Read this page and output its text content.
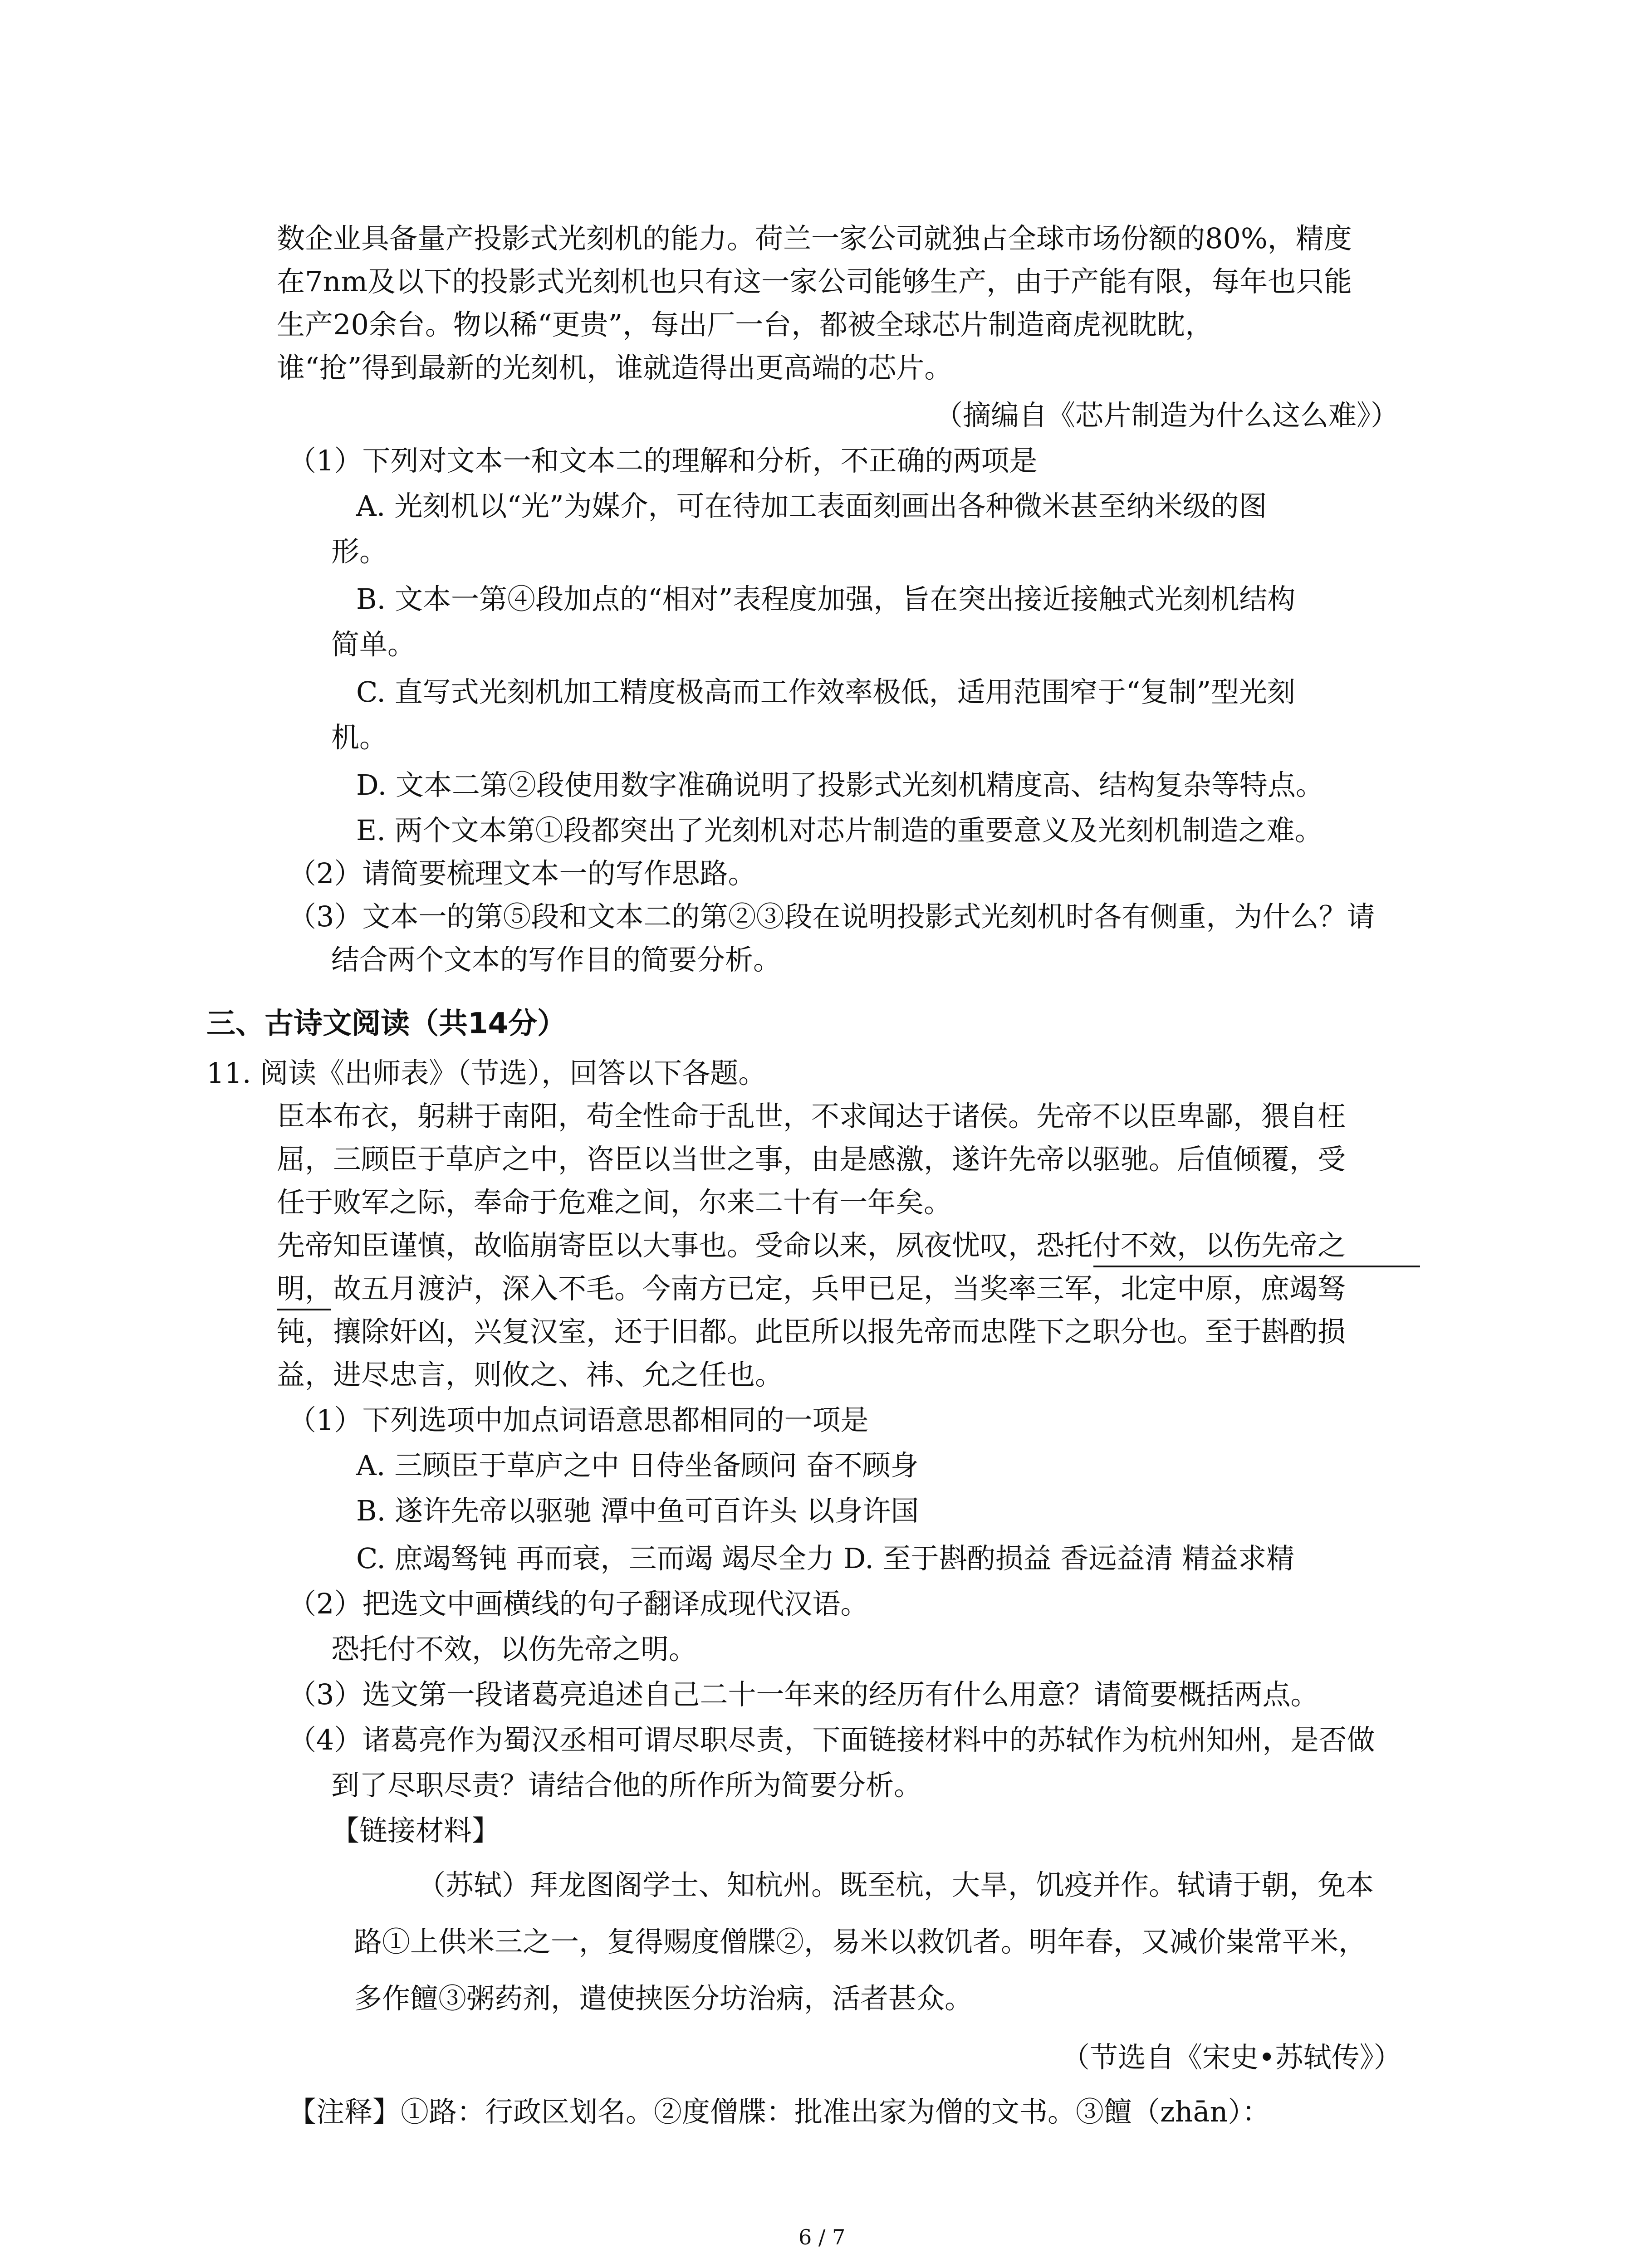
数企业具备量产投影式光刻机的能力。荷兰一家公司就独占全球市场份额的80%，精度
在7nm及以下的投影式光刻机也只有这一家公司能够生产，由于产能有限，每年也只能
生产20余台。物以稀“更贵”，每出厂一台，都被全球芯片制造商虎视眈眈，
谁“抢”得到最新的光刻机，谁就造得出更高端的芯片。
（摘编自《芯片制造为什么这么难》）
（1）下列对文本一和文本二的理解和分析，不正确的两项是
A. 光刻机以“光”为媒介，可在待加工表面刻画出各种微米甚至纳米级的图
形。
B. 文本一第④段加点的“相对”表程度加强，旨在突出接近接触式光刻机结构
简单。
C. 直写式光刻机加工精度极高而工作效率极低，适用范围窄于“复制”型光刻
机。
D. 文本二第②段使用数字准确说明了投影式光刻机精度高、结构复杂等特点。
E. 两个文本第①段都突出了光刻机对芯片制造的重要意义及光刻机制造之难。
（2）请简要梳理文本一的写作思路。
（3）文本一的第⑤段和文本二的第②③段在说明投影式光刻机时各有侧重，为什么？请
结合两个文本的写作目的简要分析。
三、古诗文阅读（共14分）
11. 阅读《出师表》（节选），回答以下各题。
臣本布衣，躬耕于南阳，苟全性命于乱世，不求闻达于诸侯。先帝不以臣卑鄙，猥自枉
屈，三顾臣于草庐之中，咨臣以当世之事，由是感激，遂许先帝以驱驰。后值倾覆，受
任于败军之际，奉命于危难之间，尔来二十有一年矣。
先帝知臣谨慎，故临崩寄臣以大事也。受命以来，夙夜忧叹，恐托付不效，以伤先帝之
明，故五月渡泸，深入不毛。今南方已定，兵甲已足，当奖率三军，北定中原，庶竭驽
钝，攘除奸凶，兴复汉室，还于旧都。此臣所以报先帝而忠陛下之职分也。至于斟酌损
益，进尽忠言，则攸之、祎、允之任也。
（1）下列选项中加点词语意思都相同的一项是
A. 三顾臣于草庐之中 日侍坐备顾问 奋不顾身
B. 遂许先帝以驱驰 潭中鱼可百许头 以身许国
C. 庶竭驽钝 再而衰，三而竭 竭尽全力 D. 至于斟酌损益 香远益清 精益求精
（2）把选文中画横线的句子翻译成现代汉语。
恐托付不效，以伤先帝之明。
（3）选文第一段诸葛亮追述自己二十一年来的经历有什么用意？请简要概括两点。
（4）诸葛亮作为蜀汉丞相可谓尽职尽责，下面链接材料中的苏轼作为杭州知州，是否做
到了尽职尽责？请结合他的所作所为简要分析。
【链接材料】
（苏轼）拜龙图阁学士、知杭州。既至杭，大旱，饥疫并作。轼请于朝，免本
路①上供米三之一，复得赐度僧牒②，易米以救饥者。明年春，又减价粜常平米，
多作饘③粥药剂，遣使挟医分坊治病，活者甚众。
（节选自《宋史•苏轼传》）
【注释】①路：行政区划名。②度僧牒：批准出家为僧的文书。③饘（zhān）：
6 / 7
